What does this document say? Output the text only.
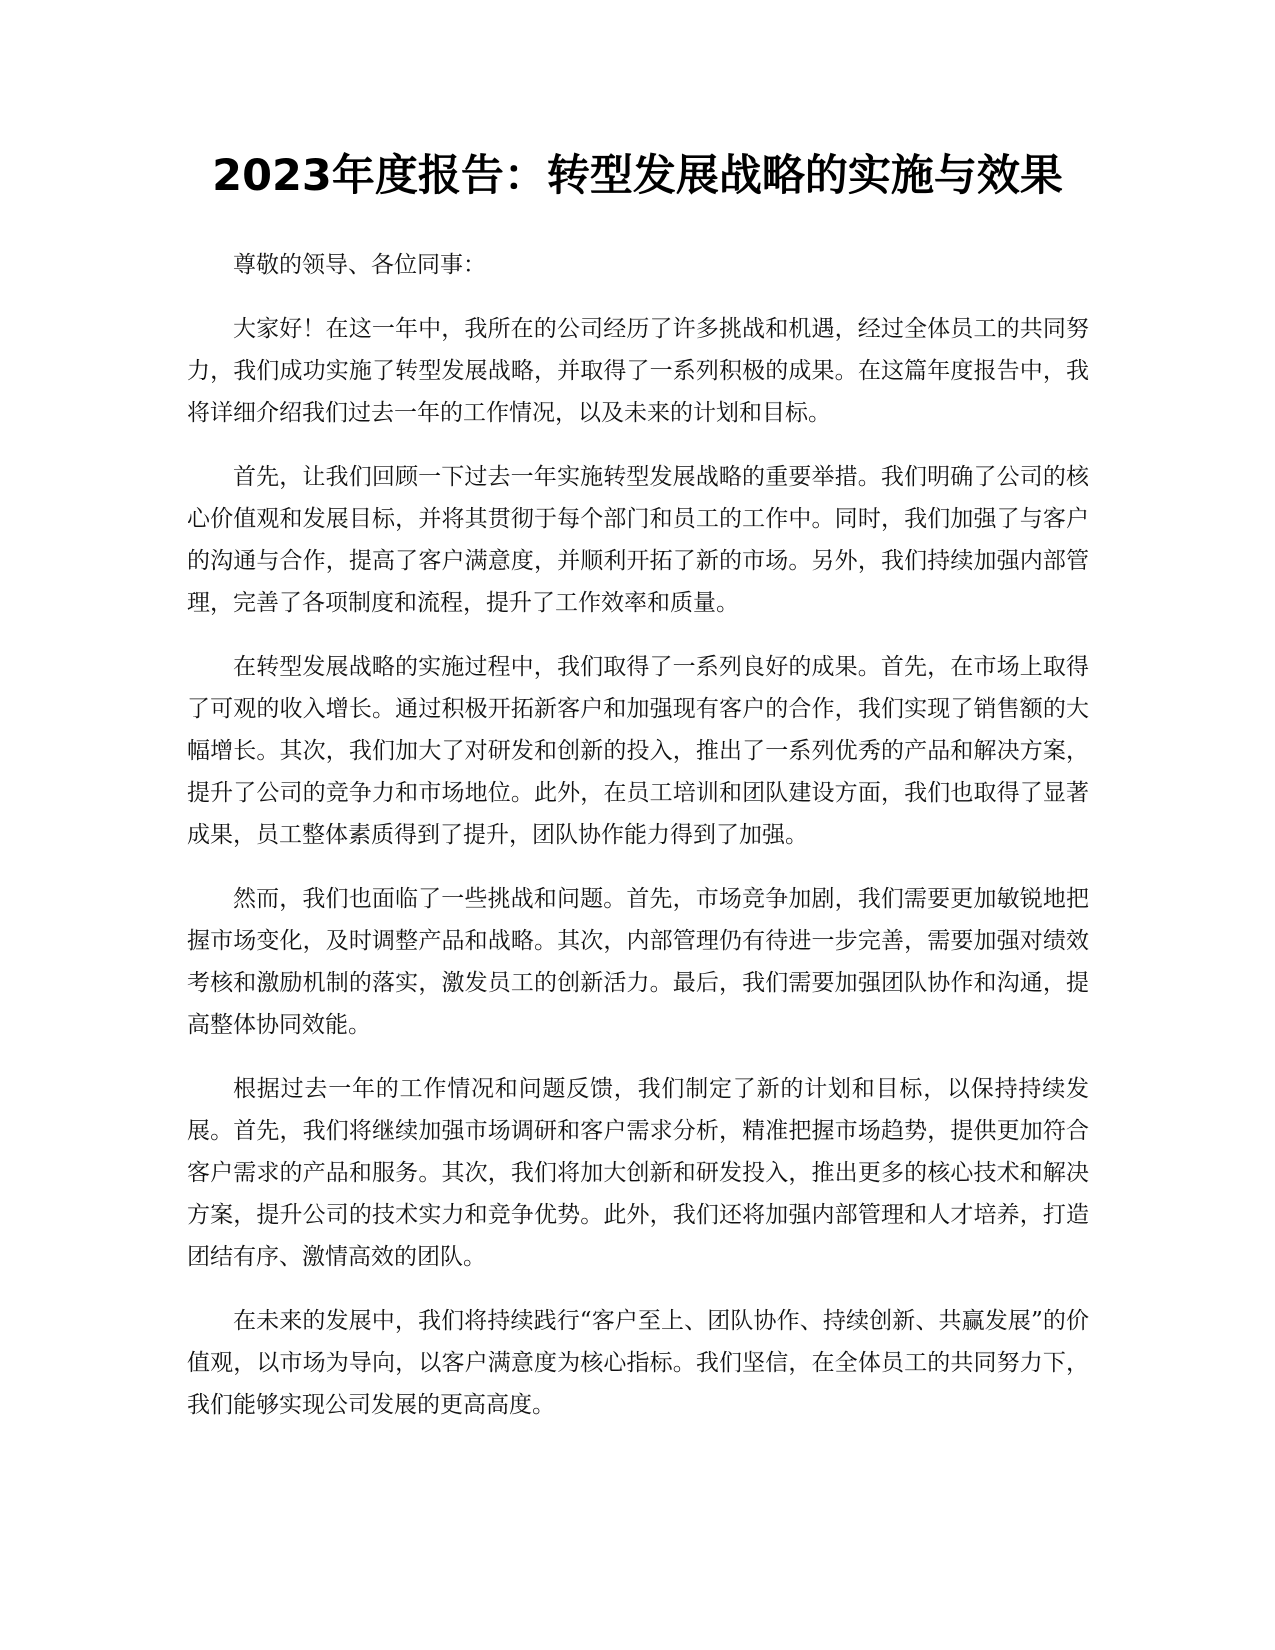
2023年度报告：转型发展战略的实施与效果

尊敬的领导、各位同事：

大家好！在这一年中，我所在的公司经历了许多挑战和机遇，经过全体员工的共同努力，我们成功实施了转型发展战略，并取得了一系列积极的成果。在这篇年度报告中，我将详细介绍我们过去一年的工作情况，以及未来的计划和目标。

首先，让我们回顾一下过去一年实施转型发展战略的重要举措。我们明确了公司的核心价值观和发展目标，并将其贯彻于每个部门和员工的工作中。同时，我们加强了与客户的沟通与合作，提高了客户满意度，并顺利开拓了新的市场。另外，我们持续加强内部管理，完善了各项制度和流程，提升了工作效率和质量。

在转型发展战略的实施过程中，我们取得了一系列良好的成果。首先，在市场上取得了可观的收入增长。通过积极开拓新客户和加强现有客户的合作，我们实现了销售额的大幅增长。其次，我们加大了对研发和创新的投入，推出了一系列优秀的产品和解决方案，提升了公司的竞争力和市场地位。此外，在员工培训和团队建设方面，我们也取得了显著成果，员工整体素质得到了提升，团队协作能力得到了加强。

然而，我们也面临了一些挑战和问题。首先，市场竞争加剧，我们需要更加敏锐地把握市场变化，及时调整产品和战略。其次，内部管理仍有待进一步完善，需要加强对绩效考核和激励机制的落实，激发员工的创新活力。最后，我们需要加强团队协作和沟通，提高整体协同效能。

根据过去一年的工作情况和问题反馈，我们制定了新的计划和目标，以保持持续发展。首先，我们将继续加强市场调研和客户需求分析，精准把握市场趋势，提供更加符合客户需求的产品和服务。其次，我们将加大创新和研发投入，推出更多的核心技术和解决方案，提升公司的技术实力和竞争优势。此外，我们还将加强内部管理和人才培养，打造团结有序、激情高效的团队。

在未来的发展中，我们将持续践行“客户至上、团队协作、持续创新、共赢发展”的价值观，以市场为导向，以客户满意度为核心指标。我们坚信，在全体员工的共同努力下，我们能够实现公司发展的更高高度。
